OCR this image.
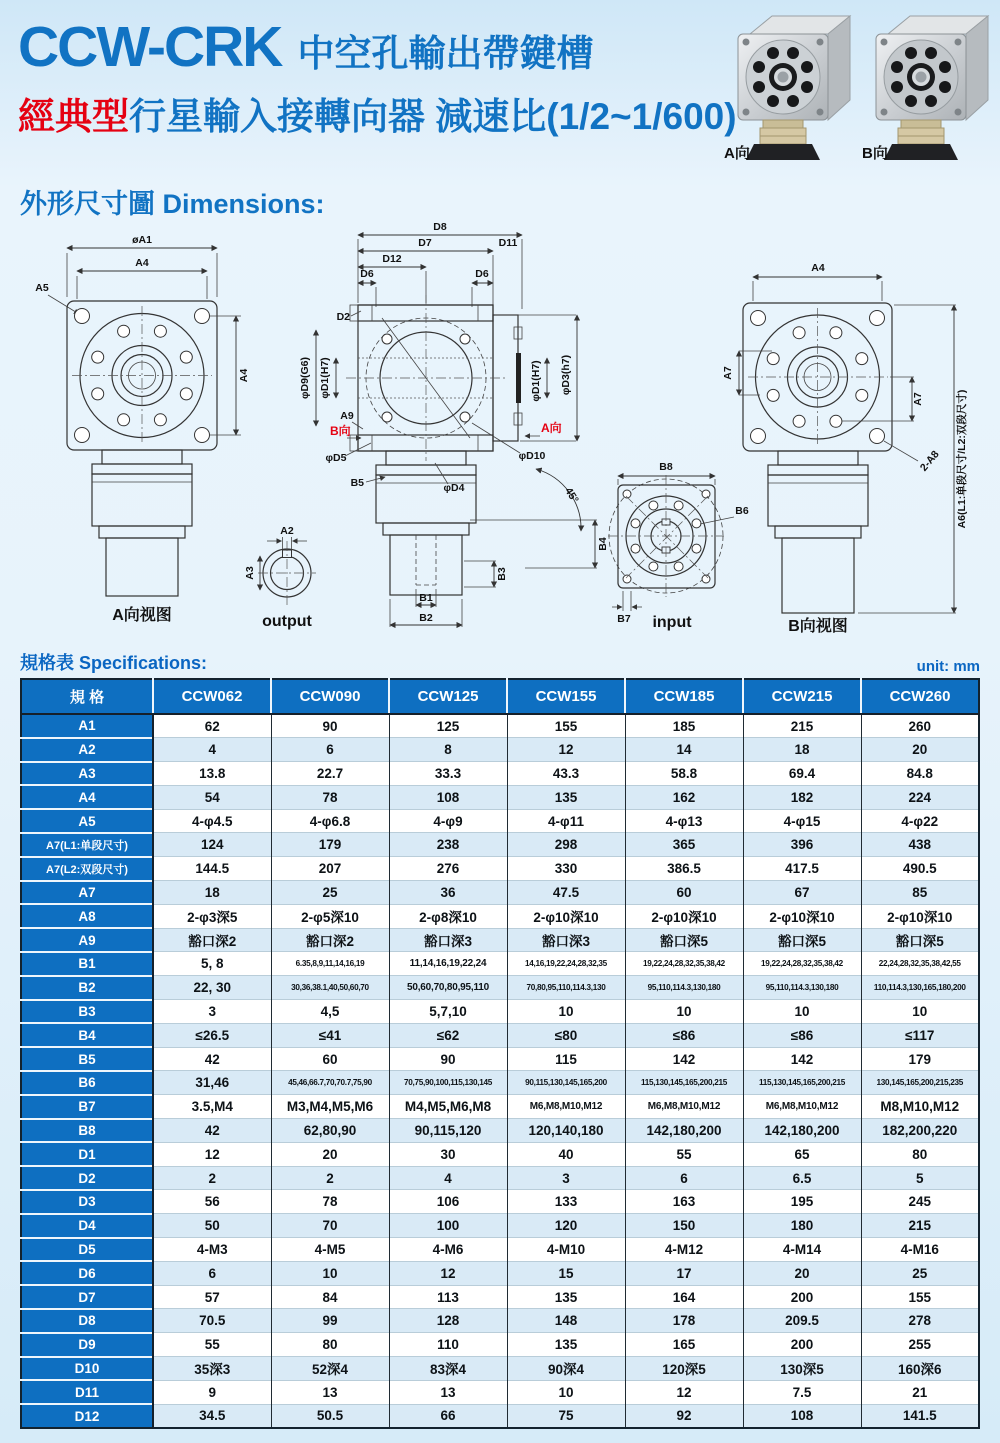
CCW-CRK 中空孔輸出帶鍵槽
經典型行星輸入接轉向器 減速比(1/2~1/600)
A向	B向
外形尺寸圖 Dimensions:
øA1
A4
A5
A4
A向视图
A2
A3
output
D8
D7	D11
D12
D6	D6
D2
φD9(G6) φD1(H7)
A9
B向
φD5
A向
φD10
φD1(H7) φD3(h7)
B5	φD4
B1
B2
B3
B4
45°
B8
B6
B7 input
A4
A7
A7
2-A8 A6(L1:单段尺寸/L2:双段尺寸)
B向视图
規格表 Specifications:	unit: mm
規 格	CCW062	CCW090	CCW125	CCW155	CCW185	CCW215	CCW260
A1	62	90	125	155	185	215	260
A2	4	6	8	12	14	18	20
A3	13.8	22.7	33.3	43.3	58.8	69.4	84.8
A4	54	78	108	135	162	182	224
A5	4-φ4.5	4-φ6.8	4-φ9	4-φ11	4-φ13	4-φ15	4-φ22
A7(L1:单段尺寸)	124	179	238	298	365	396	438
A7(L2:双段尺寸)	144.5	207	276	330	386.5	417.5	490.5
A7	18	25	36	47.5	60	67	85
A8	2-φ3深5	2-φ5深10	2-φ8深10	2-φ10深10	2-φ10深10	2-φ10深10	2-φ10深10
A9	豁口深2	豁口深2	豁口深3	豁口深3	豁口深5	豁口深5	豁口深5
B1	5, 8	6.35,8,9,11,14,16,19	11,14,16,19,22,24	14,16,19,22,24,28,32,35	19,22,24,28,32,35,38,42	19,22,24,28,32,35,38,42	22,24,28,32,35,38,42,55
B2	22, 30	30,36,38.1,40,50,60,70	50,60,70,80,95,110	70,80,95,110,114.3,130	95,110,114.3,130,180	95,110,114.3,130,180	110,114.3,130,165,180,200
B3	3	4,5	5,7,10	10	10	10	10
B4	≤26.5	≤41	≤62	≤80	≤86	≤86	≤117
B5	42	60	90	115	142	142	179
B6	31,46	45,46,66.7,70,70.7,75,90	70,75,90,100,115,130,145	90,115,130,145,165,200	115,130,145,165,200,215	115,130,145,165,200,215	130,145,165,200,215,235
B7	3.5,M4	M3,M4,M5,M6	M4,M5,M6,M8	M6,M8,M10,M12	M6,M8,M10,M12	M6,M8,M10,M12	M8,M10,M12
B8	42	62,80,90	90,115,120	120,140,180	142,180,200	142,180,200	182,200,220
D1	12	20	30	40	55	65	80
D2	2	2	4	3	6	6.5	5
D3	56	78	106	133	163	195	245
D4	50	70	100	120	150	180	215
D5	4-M3	4-M5	4-M6	4-M10	4-M12	4-M14	4-M16
D6	6	10	12	15	17	20	25
D7	57	84	113	135	164	200	155
D8	70.5	99	128	148	178	209.5	278
D9	55	80	110	135	165	200	255
D10	35深3	52深4	83深4	90深4	120深5	130深5	160深6
D11	9	13	13	10	12	7.5	21
D12	34.5	50.5	66	75	92	108	141.5
